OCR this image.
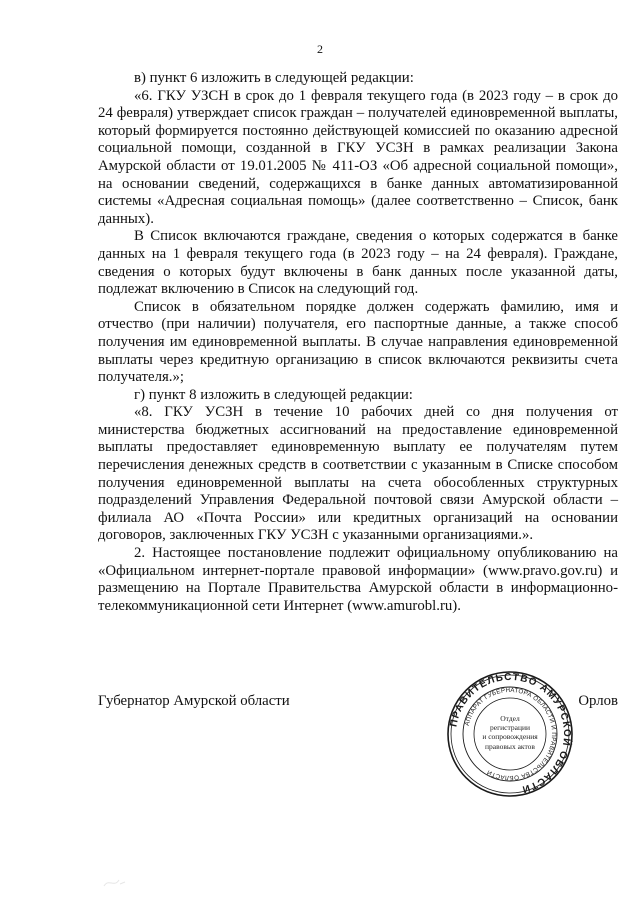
2

в) пункт 6 изложить в следующей редакции:

«6. ГКУ УЗСН в срок до 1 февраля текущего года (в 2023 году – в срок до 24 февраля) утверждает список граждан – получателей единовременной выплаты, который формируется постоянно действующей комиссией по оказанию адресной социальной помощи, созданной в ГКУ УСЗН в рамках реализации Закона Амурской области от 19.01.2005 № 411-ОЗ «Об адресной социальной помощи», на основании сведений, содержащихся в банке данных автоматизированной системы «Адресная социальная помощь» (далее соответственно – Список, банк данных).

В Список включаются граждане, сведения о которых содержатся в банке данных на 1 февраля текущего года (в 2023 году – на 24 февраля). Граждане, сведения о которых будут включены в банк данных после указанной даты, подлежат включению в Список на следующий год.

Список в обязательном порядке должен содержать фамилию, имя и отчество (при наличии) получателя, его паспортные данные, а также способ получения им единовременной выплаты. В случае направления единовременной выплаты через кредитную организацию в список включаются реквизиты счета получателя.»;

г) пункт 8 изложить в следующей редакции:

«8. ГКУ УСЗН в течение 10 рабочих дней со дня получения от министерства бюджетных ассигнований на предоставление единовременной выплаты предоставляет единовременную выплату ее получателям путем перечисления денежных средств в соответствии с указанным в Списке способом получения единовременной выплаты на счета обособленных структурных подразделений Управления Федеральной почтовой связи Амурской области – филиала АО «Почта России» или кредитных организаций на основании договоров, заключенных ГКУ УСЗН с указанными организациями.».

2. Настоящее постановление подлежит официальному опубликованию на «Официальном интернет-портале правовой информации» (www.pravo.gov.ru) и размещению на Портале Правительства Амурской области в информационно-телекоммуникационной сети Интернет (www.amurobl.ru).

Губернатор Амурской области	Орлов
ПРАВИТЕЛЬСТВО АМУРСКОЙ ОБЛАСТИ
АППАРАТ ГУБЕРНАТОРА ОБЛАСТИ И ПРАВИТЕЛЬСТВА ОБЛАСТИ
Отдел
регистрации
и сопровождения
правовых актов
